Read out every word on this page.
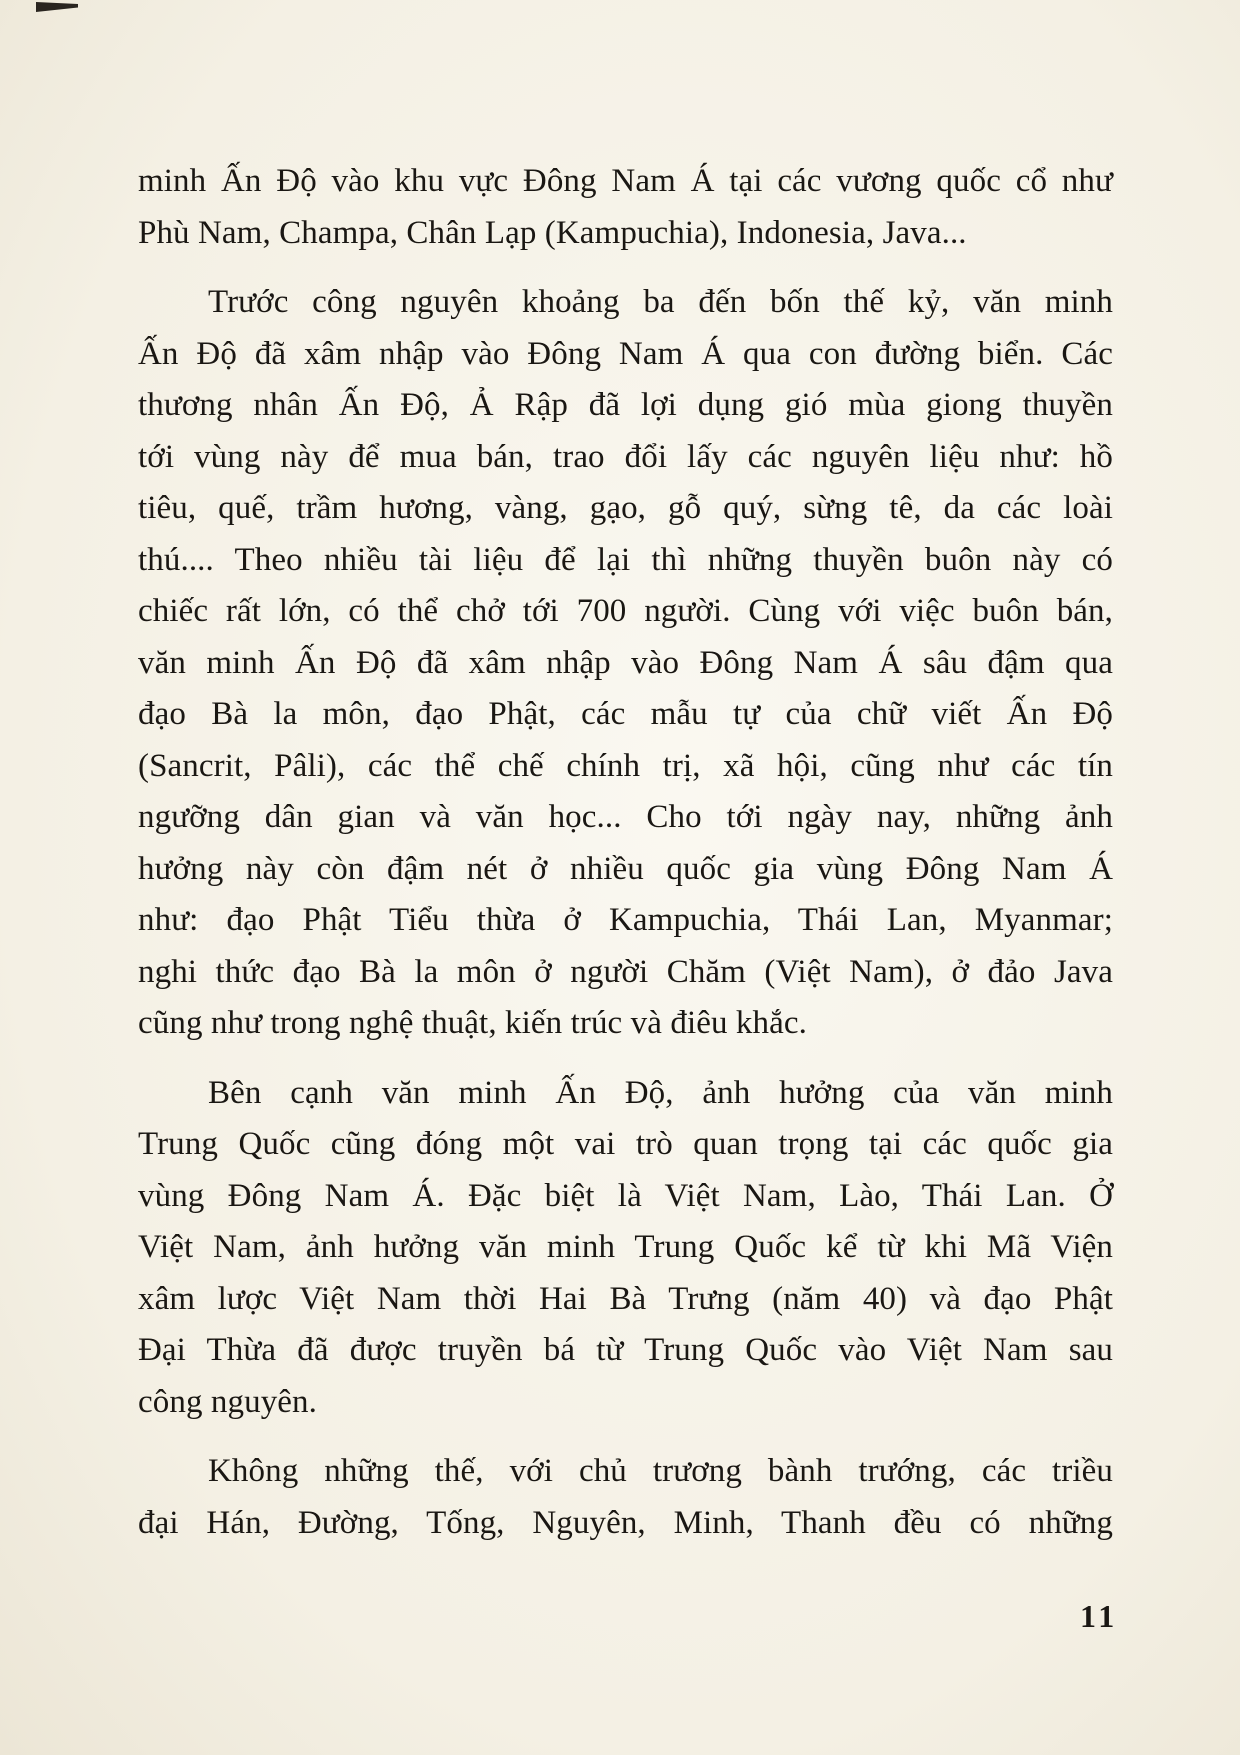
minh Ấn Độ vào khu vực Đông Nam Á tại các vương quốc cổ như
Phù Nam, Champa, Chân Lạp (Kampuchia), Indonesia, Java...
Trước công nguyên khoảng ba đến bốn thế kỷ, văn minh
Ấn Độ đã xâm nhập vào Đông Nam Á qua con đường biển. Các
thương nhân Ấn Độ, Ả Rập đã lợi dụng gió mùa giong thuyền
tới vùng này để mua bán, trao đổi lấy các nguyên liệu như: hồ
tiêu, quế, trầm hương, vàng, gạo, gỗ quý, sừng tê, da các loài
thú.... Theo nhiều tài liệu để lại thì những thuyền buôn này có
chiếc rất lớn, có thể chở tới 700 người. Cùng với việc buôn bán,
văn minh Ấn Độ đã xâm nhập vào Đông Nam Á sâu đậm qua
đạo Bà la môn, đạo Phật, các mẫu tự của chữ viết Ấn Độ
(Sancrit, Pâli), các thể chế chính trị, xã hội, cũng như các tín
ngưỡng dân gian và văn học... Cho tới ngày nay, những ảnh
hưởng này còn đậm nét ở nhiều quốc gia vùng Đông Nam Á
như: đạo Phật Tiểu thừa ở Kampuchia, Thái Lan, Myanmar;
nghi thức đạo Bà la môn ở người Chăm (Việt Nam), ở đảo Java
cũng như trong nghệ thuật, kiến trúc và điêu khắc.
Bên cạnh văn minh Ấn Độ, ảnh hưởng của văn minh
Trung Quốc cũng đóng một vai trò quan trọng tại các quốc gia
vùng Đông Nam Á. Đặc biệt là Việt Nam, Lào, Thái Lan. Ở
Việt Nam, ảnh hưởng văn minh Trung Quốc kể từ khi Mã Viện
xâm lược Việt Nam thời Hai Bà Trưng (năm 40) và đạo Phật
Đại Thừa đã được truyền bá từ Trung Quốc vào Việt Nam sau
công nguyên.
Không những thế, với chủ trương bành trướng, các triều
đại Hán, Đường, Tống, Nguyên, Minh, Thanh đều có những
11
